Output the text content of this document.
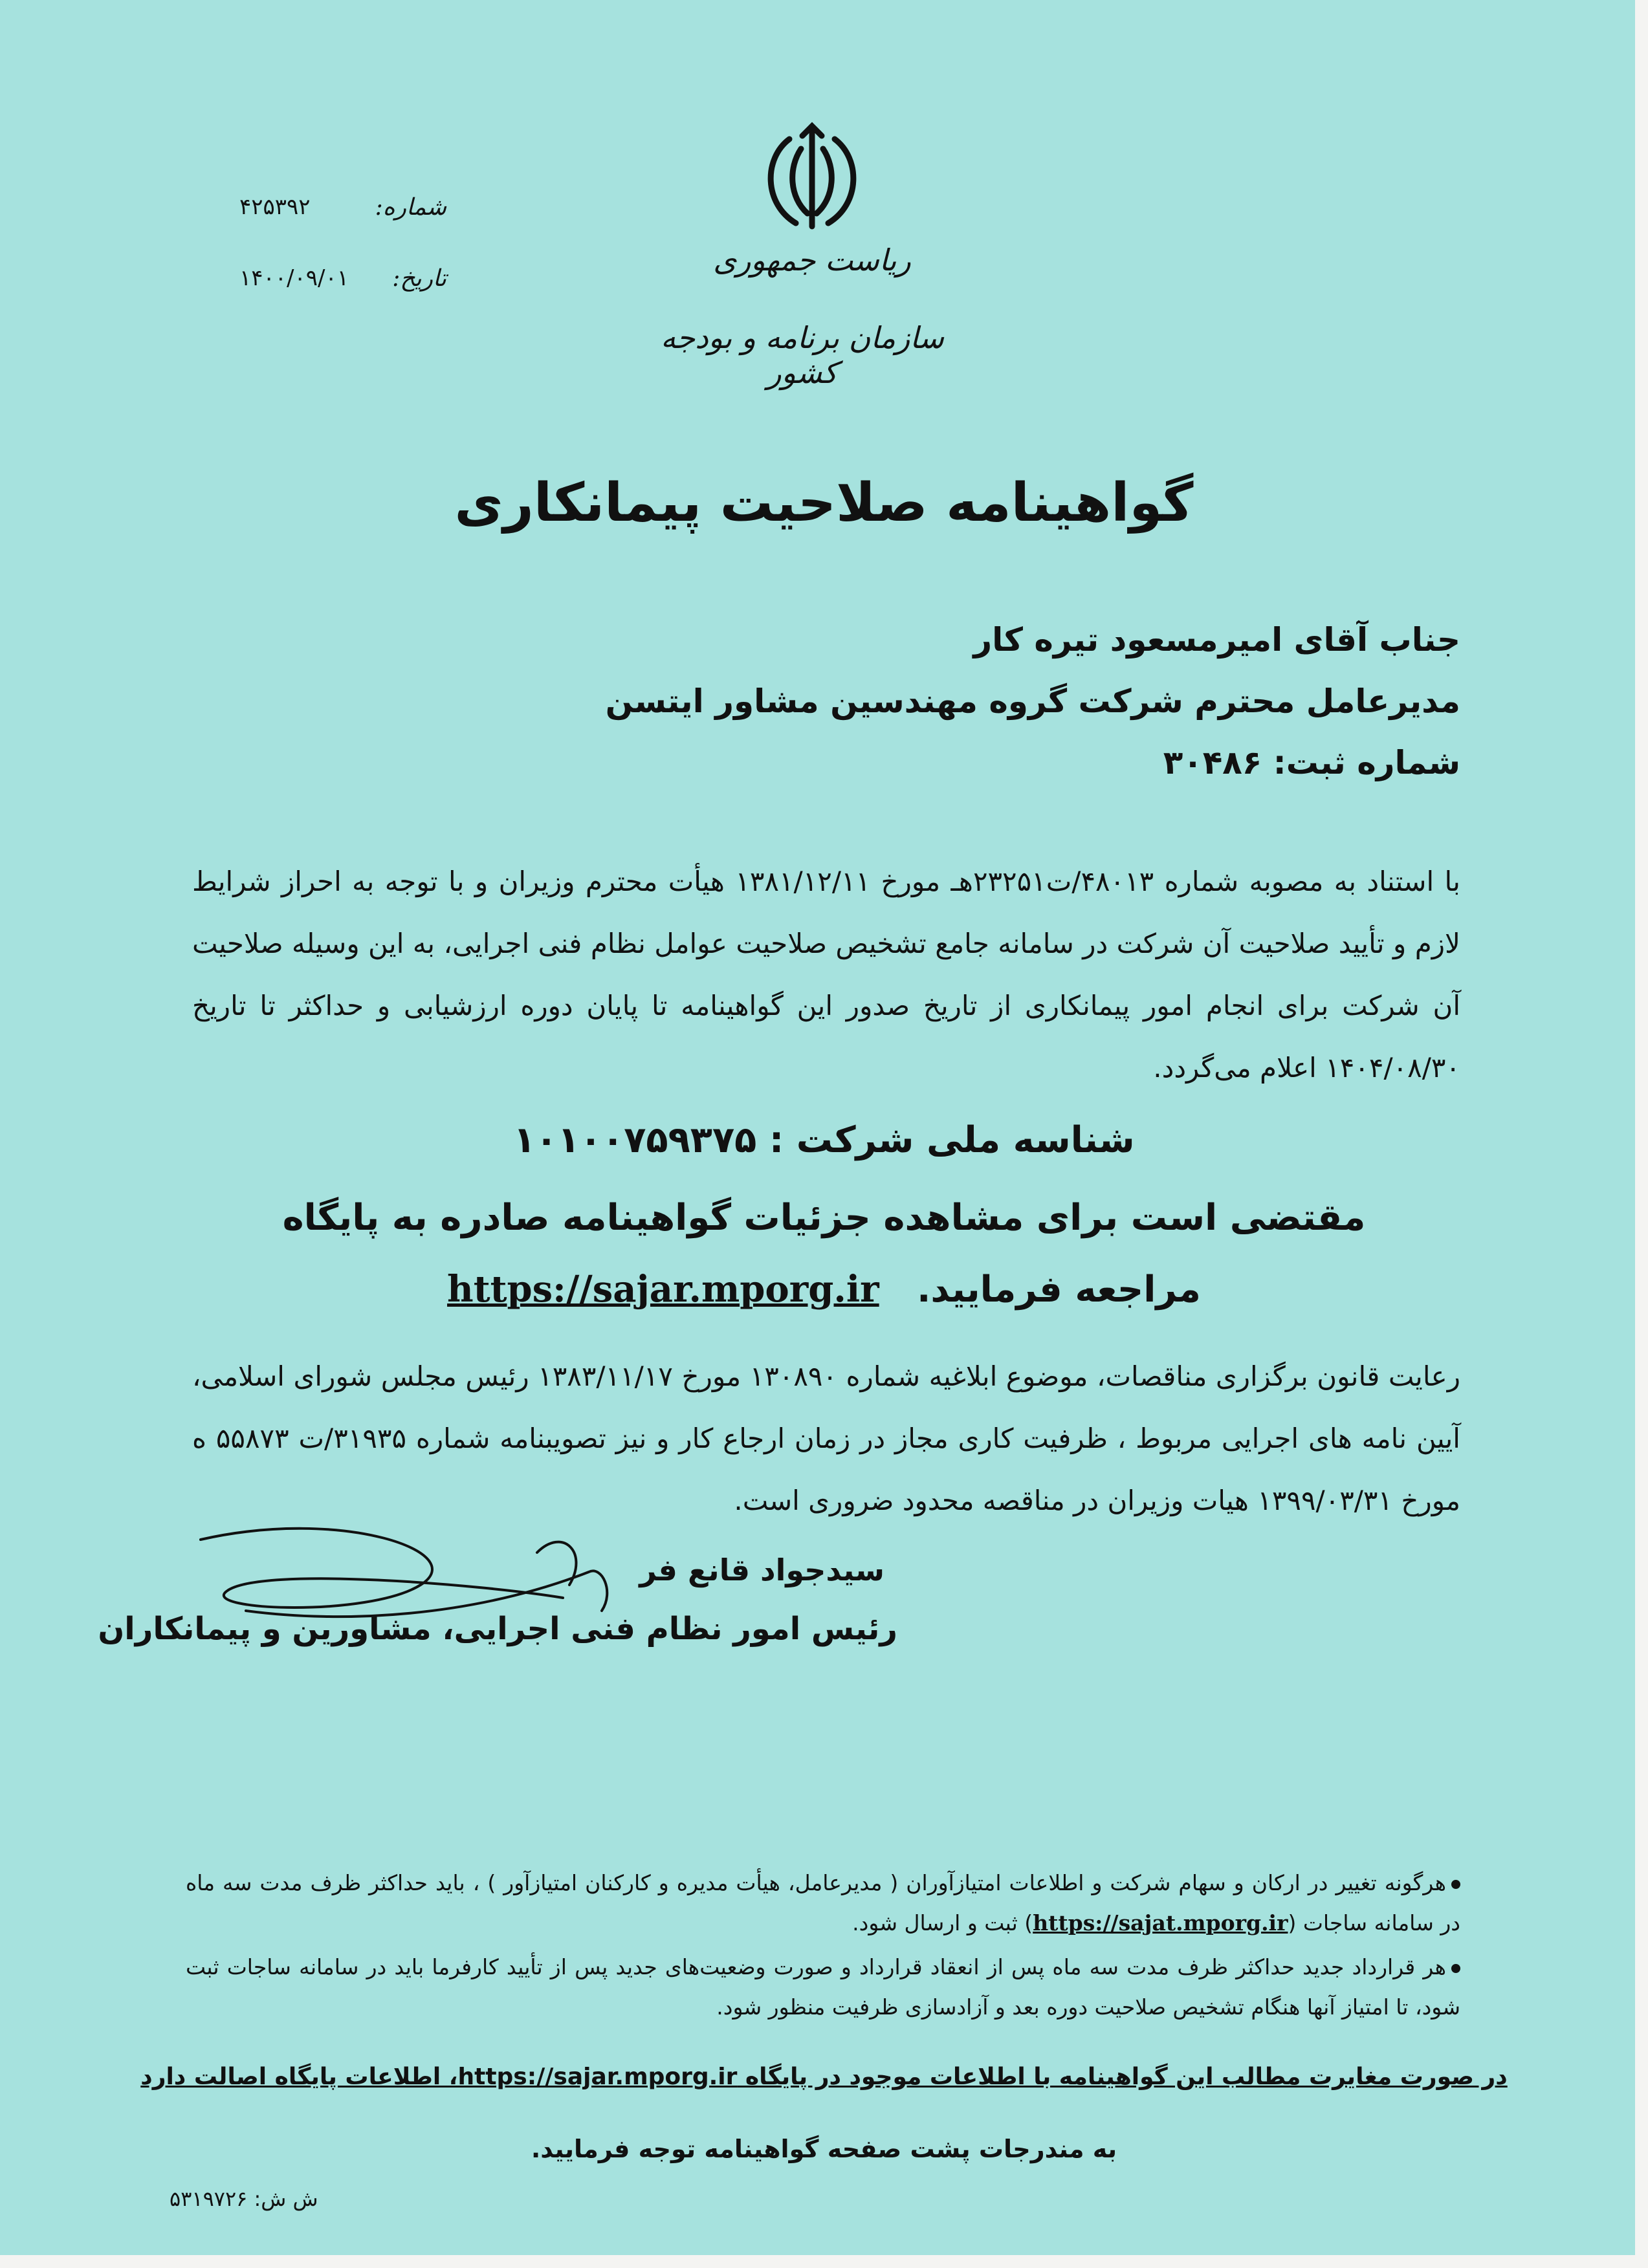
ریاست جمهوری
سازمان برنامه و بودجه کشور
شماره:
۴۲۵۳۹۲
تاریخ:
۱۴۰۰/۰۹/۰۱
گواهینامه صلاحیت پیمانکاری
جناب آقای امیرمسعود تیره کار
مدیرعامل محترم شرکت گروه مهندسین مشاور ایتسن
شماره ثبت: ۳۰۴۸۶
با استناد به مصوبه شماره ۴۸۰۱۳/ت۲۳۲۵۱هـ مورخ ۱۳۸۱/۱۲/۱۱ هیأت محترم وزیران و با توجه به احراز شرایط لازم و تأیید صلاحیت آن شرکت در سامانه جامع تشخیص صلاحیت عوامل نظام فنی اجرایی، به این وسیله صلاحیت آن شرکت برای انجام امور پیمانکاری از تاریخ صدور این گواهینامه تا پایان دوره ارزشیابی و حداکثر تا تاریخ ۱۴۰۴/۰۸/۳۰ اعلام می‌گردد.
شناسه ملی شرکت : ۱۰۱۰۰۷۵۹۳۷۵
مقتضی است برای مشاهده جزئیات گواهینامه صادره به پایگاه
مراجعه فرمایید.   https://sajar.mporg.ir
رعایت قانون برگزاری مناقصات، موضوع ابلاغیه شماره ۱۳۰۸۹۰ مورخ ۱۳۸۳/۱۱/۱۷ رئیس مجلس شورای اسلامی، آیین نامه های اجرایی مربوط ، ظرفیت کاری مجاز در زمان ارجاع کار و نیز تصویبنامه شماره ۳۱۹۳۵/ت ۵۵۸۷۳ ه مورخ ۱۳۹۹/۰۳/۳۱ هیات وزیران در مناقصه محدود ضروری است.
سیدجواد قانع فر
رئیس امور نظام فنی اجرایی، مشاورین و پیمانکاران
هرگونه تغییر در ارکان و سهام شرکت و اطلاعات امتیازآوران ( مدیرعامل، هیأت مدیره و کارکنان امتیازآور ) ، باید حداکثر ظرف مدت سه ماه در سامانه ساجات (https://sajat.mporg.ir) ثبت و ارسال شود.
هر قرارداد جدید حداکثر ظرف مدت سه ماه پس از انعقاد قرارداد و صورت وضعیت‌های جدید پس از تأیید کارفرما باید در سامانه ساجات ثبت شود، تا امتیاز آنها هنگام تشخیص صلاحیت دوره بعد و آزادسازی ظرفیت منظور شود.
در صورت مغایرت مطالب این گواهینامه با اطلاعات موجود در پایگاه https://sajar.mporg.ir، اطلاعات پایگاه اصالت دارد
به مندرجات پشت صفحه گواهینامه توجه فرمایید.
ش ش: ۵۳۱۹۷۲۶
